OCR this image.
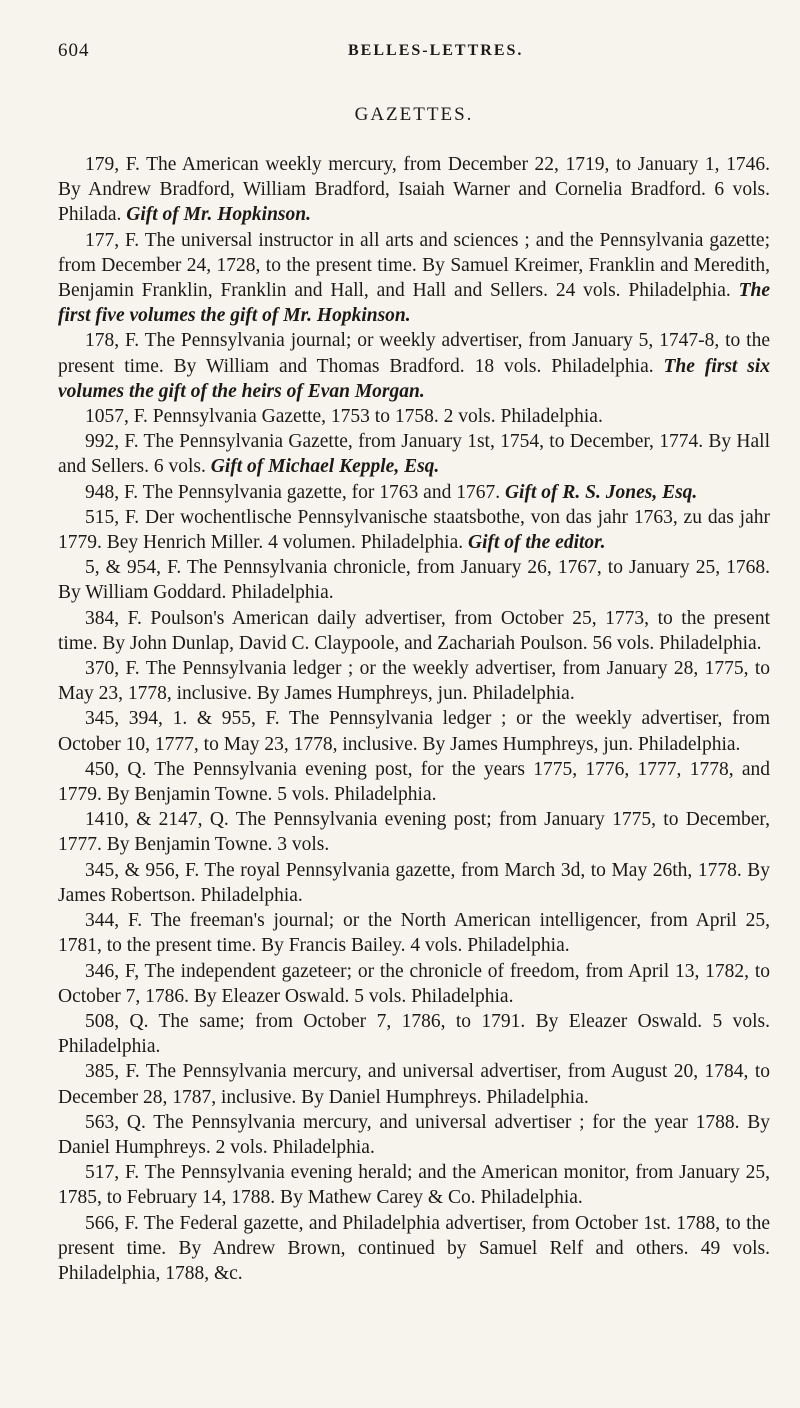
604	BELLES-LETTRES.
GAZETTES.

179, F. The American weekly mercury, from December 22, 1719, to January 1, 1746. By Andrew Bradford, William Bradford, Isaiah Warner and Cornelia Bradford. 6 vols. Philada. Gift of Mr. Hopkinson.

177, F. The universal instructor in all arts and sciences ; and the Pennsylvania gazette; from December 24, 1728, to the present time. By Samuel Kreimer, Franklin and Meredith, Benjamin Franklin, Franklin and Hall, and Hall and Sellers. 24 vols. Philadelphia. The first five volumes the gift of Mr. Hopkinson.

178, F. The Pennsylvania journal; or weekly advertiser, from January 5, 1747-8, to the present time. By William and Thomas Bradford. 18 vols. Philadelphia. The first six volumes the gift of the heirs of Evan Morgan.

1057, F. Pennsylvania Gazette, 1753 to 1758. 2 vols. Philadelphia.

992, F. The Pennsylvania Gazette, from January 1st, 1754, to December, 1774. By Hall and Sellers. 6 vols. Gift of Michael Kepple, Esq.

948, F. The Pennsylvania gazette, for 1763 and 1767. Gift of R. S. Jones, Esq.

515, F. Der wochentlische Pennsylvanische staatsbothe, von das jahr 1763, zu das jahr 1779. Bey Henrich Miller. 4 volumen. Philadelphia. Gift of the editor.

5, & 954, F. The Pennsylvania chronicle, from January 26, 1767, to January 25, 1768. By William Goddard. Philadelphia.

384, F. Poulson's American daily advertiser, from October 25, 1773, to the present time. By John Dunlap, David C. Claypoole, and Zachariah Poulson. 56 vols. Philadelphia.

370, F. The Pennsylvania ledger ; or the weekly advertiser, from January 28, 1775, to May 23, 1778, inclusive. By James Humphreys, jun. Philadelphia.

345, 394, 1. & 955, F. The Pennsylvania ledger ; or the weekly advertiser, from October 10, 1777, to May 23, 1778, inclusive. By James Humphreys, jun. Philadelphia.

450, Q. The Pennsylvania evening post, for the years 1775, 1776, 1777, 1778, and 1779. By Benjamin Towne. 5 vols. Philadelphia.

1410, & 2147, Q. The Pennsylvania evening post; from January 1775, to December, 1777. By Benjamin Towne. 3 vols.

345, & 956, F. The royal Pennsylvania gazette, from March 3d, to May 26th, 1778. By James Robertson. Philadelphia.

344, F. The freeman's journal; or the North American intelligencer, from April 25, 1781, to the present time. By Francis Bailey. 4 vols. Philadelphia.

346, F, The independent gazeteer; or the chronicle of freedom, from April 13, 1782, to October 7, 1786. By Eleazer Oswald. 5 vols. Philadelphia.

508, Q. The same; from October 7, 1786, to 1791. By Eleazer Oswald. 5 vols. Philadelphia.

385, F. The Pennsylvania mercury, and universal advertiser, from August 20, 1784, to December 28, 1787, inclusive. By Daniel Humphreys. Philadelphia.

563, Q. The Pennsylvania mercury, and universal advertiser ; for the year 1788. By Daniel Humphreys. 2 vols. Philadelphia.

517, F. The Pennsylvania evening herald; and the American monitor, from January 25, 1785, to February 14, 1788. By Mathew Carey & Co. Philadelphia.

566, F. The Federal gazette, and Philadelphia advertiser, from October 1st. 1788, to the present time. By Andrew Brown, continued by Samuel Relf and others. 49 vols. Philadelphia, 1788, &c.
